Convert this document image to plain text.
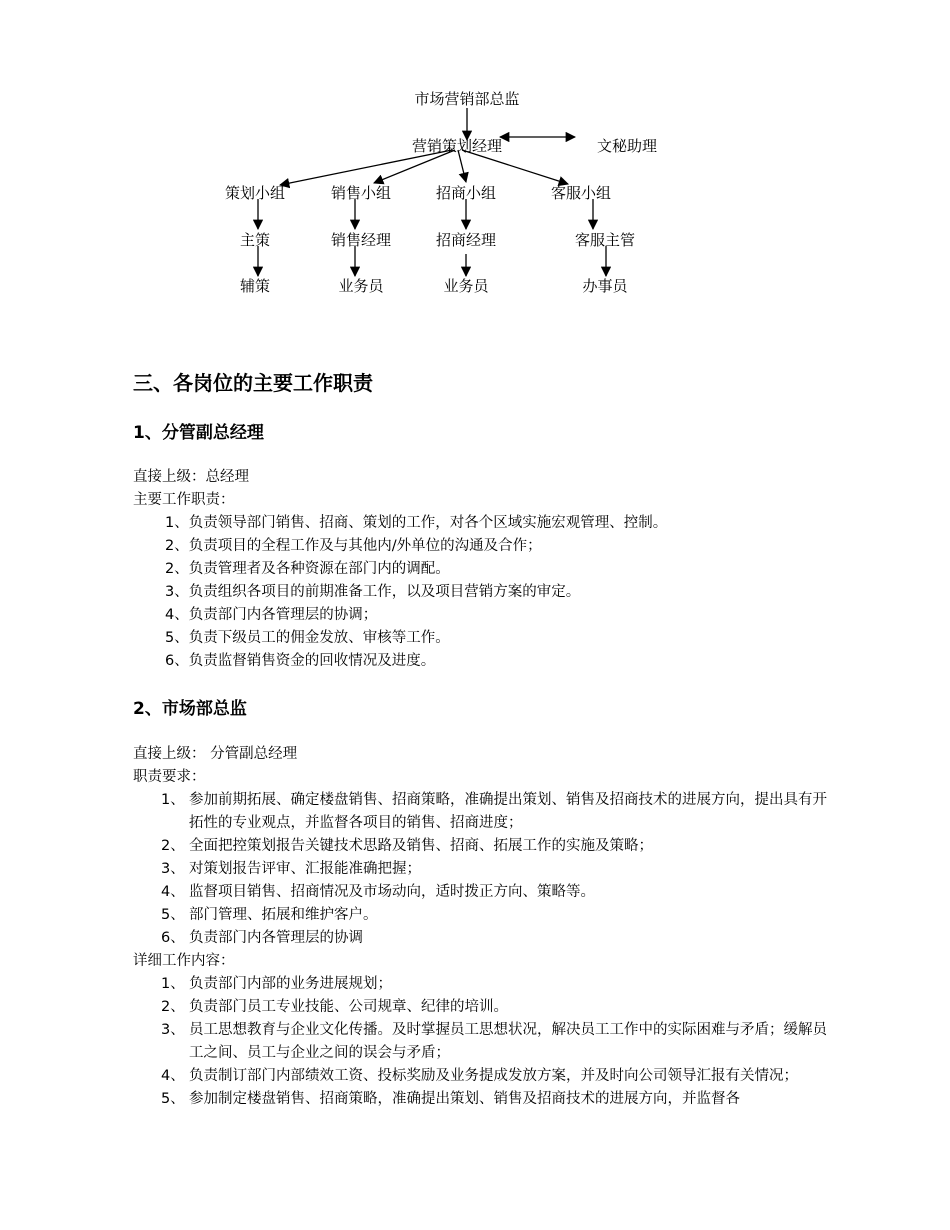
市场营销部总监
营销策划经理	文秘助理
策划小组	销售小组	招商小组	客服小组
主策	销售经理	招商经理	客服主管
辅策	业务员	业务员	办事员
三、各岗位的主要工作职责
1、分管副总经理
直接上级：总经理
主要工作职责：
1、负责领导部门销售、招商、策划的工作，对各个区域实施宏观管理、控制。
2、负责项目的全程工作及与其他内/外单位的沟通及合作；
2、负责管理者及各种资源在部门内的调配。
3、负责组织各项目的前期准备工作，以及项目营销方案的审定。
4、负责部门内各管理层的协调；
5、负责下级员工的佣金发放、审核等工作。
6、负责监督销售资金的回收情况及进度。
2、市场部总监
直接上级： 分管副总经理
职责要求：
1、 参加前期拓展、确定楼盘销售、招商策略，准确提出策划、销售及招商技术的进展方向，提出具有开拓性的专业观点，并监督各项目的销售、招商进度；
2、 全面把控策划报告关键技术思路及销售、招商、拓展工作的实施及策略；
3、 对策划报告评审、汇报能准确把握；
4、 监督项目销售、招商情况及市场动向，适时拨正方向、策略等。
5、 部门管理、拓展和维护客户。
6、 负责部门内各管理层的协调
详细工作内容：
1、 负责部门内部的业务进展规划；
2、 负责部门员工专业技能、公司规章、纪律的培训。
3、 员工思想教育与企业文化传播。及时掌握员工思想状况，解决员工工作中的实际困难与矛盾；缓解员工之间、员工与企业之间的误会与矛盾；
4、 负责制订部门内部绩效工资、投标奖励及业务提成发放方案，并及时向公司领导汇报有关情况；
5、 参加制定楼盘销售、招商策略，准确提出策划、销售及招商技术的进展方向，并监督各
